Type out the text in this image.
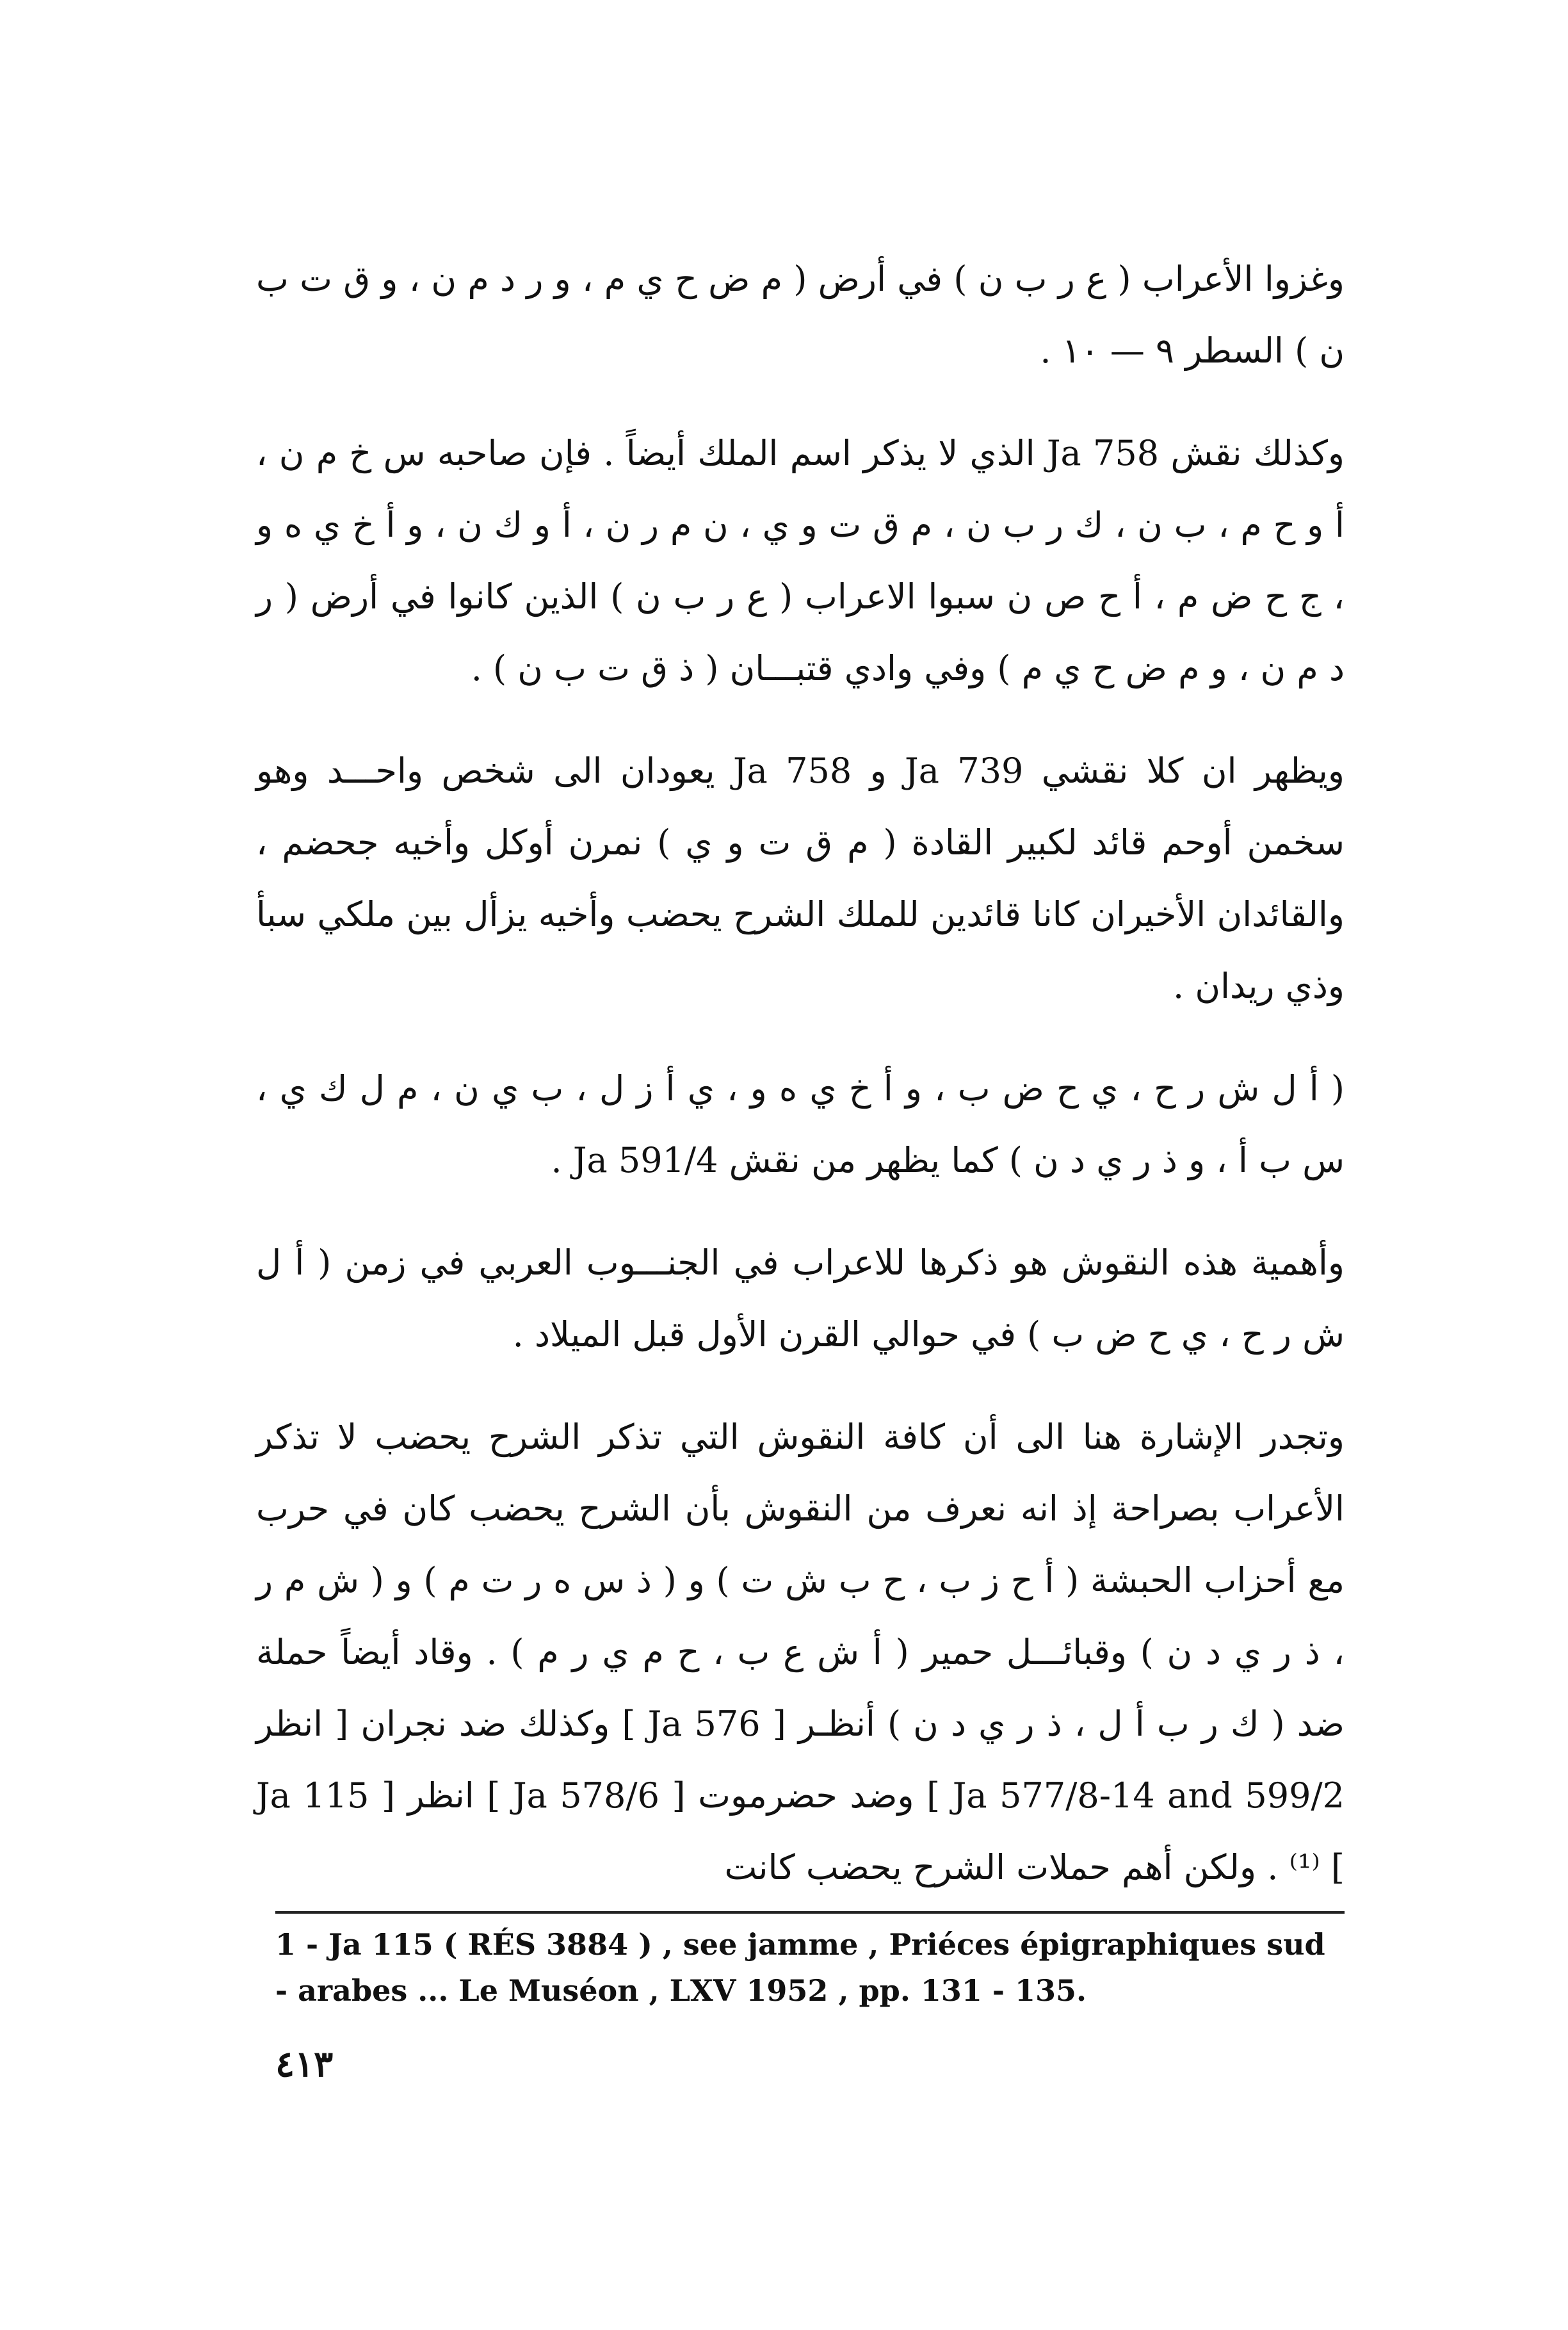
وغزوا الأعراب ( ع ر ب ن ) في أرض ( م ض ح ي م ، و ر د م ن ، و ق ت ب ن ) السطر ٩ — ١٠ .

وكذلك نقش Ja 758 الذي لا يذكر اسم الملك أيضاً . فإن صاحبه س خ م ن ، أ و ح م ، ب ن ، ك ر ب ن ، م ق ت و ي ، ن م ر ن ، أ و ك ن ، و أ خ ي ه و ، ج ح ض م ، أ ح ص ن سبوا الاعراب ( ع ر ب ن ) الذين كانوا في أرض ( ر د م ن ، و م ض ح ي م ) وفي وادي قتبـــان ( ذ ق ت ب ن ) .

ويظهر ان كلا نقشي Ja 739 و Ja 758 يعودان الى شخص واحـــد وهو سخمن أوحم قائد لكبير القادة ( م ق ت و ي ) نمرن أوكل وأخيه جحضم ، والقائدان الأخيران كانا قائدين للملك الشرح يحضب وأخيه يزأل بين ملكي سبأ وذي ريدان .

( أ ل ش ر ح ، ي ح ض ب ، و أ خ ي ه و ، ي أ ز ل ، ب ي ن ، م ل ك ي ، س ب أ ، و ذ ر ي د ن ) كما يظهر من نقش Ja 591/4 .

وأهمية هذه النقوش هو ذكرها للاعراب في الجنـــوب العربي في زمن ( أ ل ش ر ح ، ي ح ض ب ) في حوالي القرن الأول قبل الميلاد .

وتجدر الإشارة هنا الى أن كافة النقوش التي تذكر الشرح يحضب لا تذكر الأعراب بصراحة إذ انه نعرف من النقوش بأن الشرح يحضب كان في حرب مع أحزاب الحبشة ( أ ح ز ب ، ح ب ش ت ) و ( ذ س ه ر ت م ) و ( ش م ر ، ذ ر ي د ن ) وقبائـــل حمير ( أ ش ع ب ، ح م ي ر م ) . وقاد أيضاً حملة ضد ( ك ر ب أ ل ، ذ ر ي د ن ) أنظـر [ Ja 576 ] وكذلك ضد نجران [ انظر Ja 577/8-14 and 599/2 ] وضد حضرموت [ Ja 578/6 ] انظر [ Ja 115 ] ⁽¹⁾ . ولكن أهم حملات الشرح يحضب كانت

1 - Ja 115 ( RÉS 3884 ) , see jamme , Priéces épigraphiques sud - arabes ... Le Muséon , LXV 1952 , pp. 131 - 135.
٤١٣
